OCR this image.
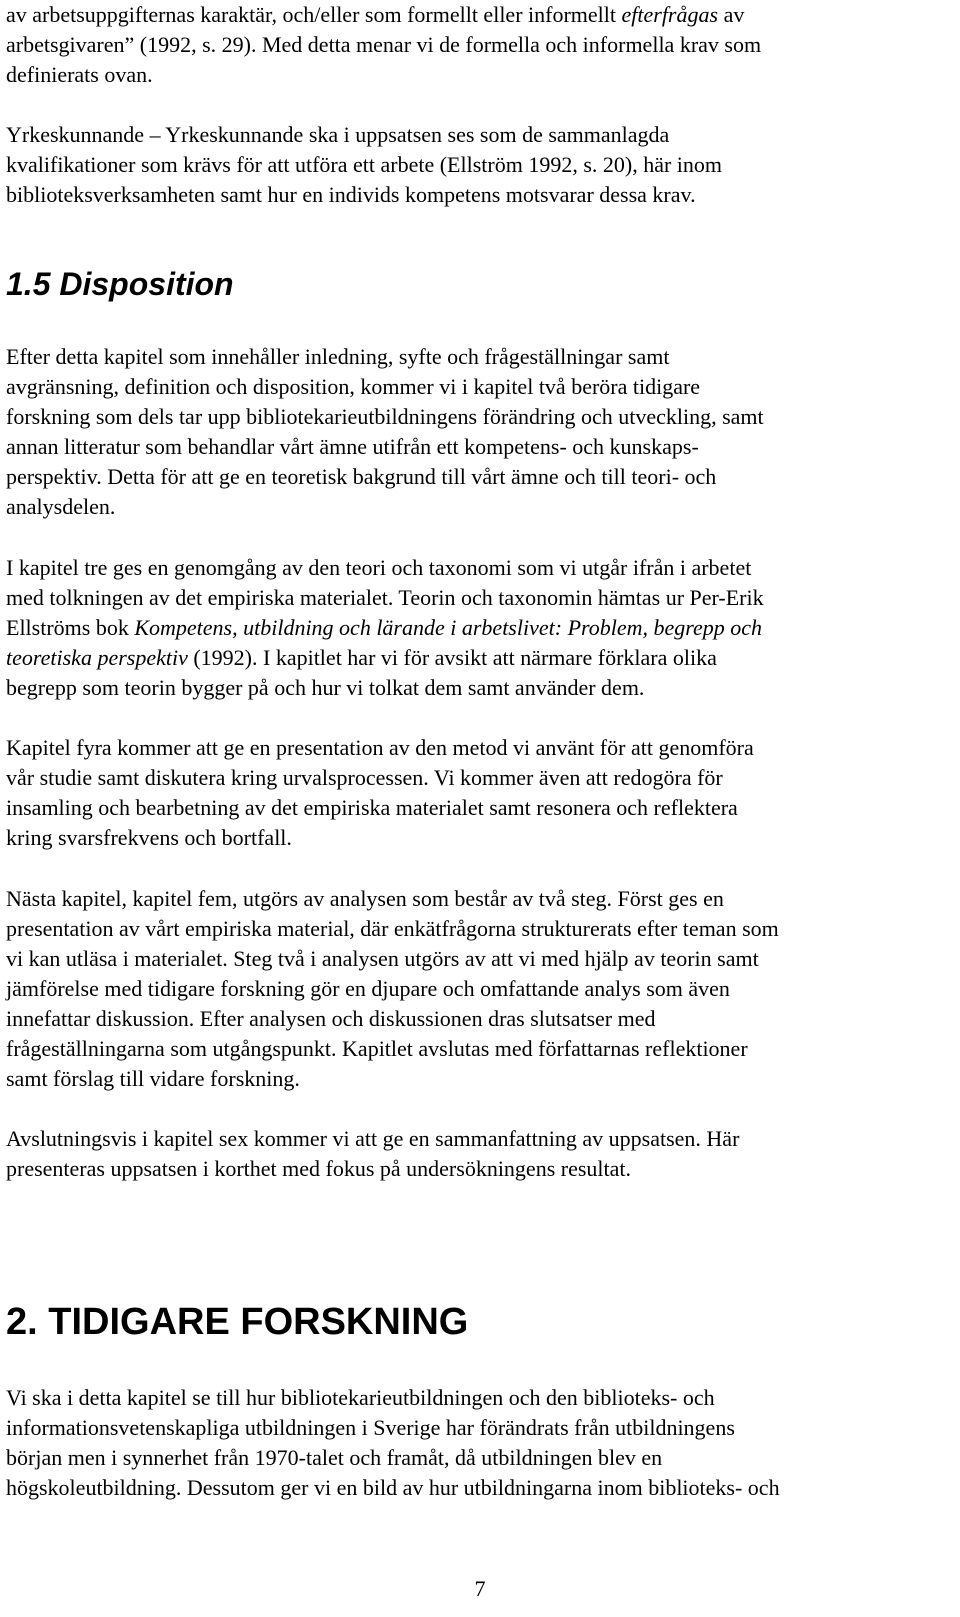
av arbetsuppgifternas karaktär, och/eller som formellt eller informellt efterfrågas av
arbetsgivaren” (1992, s. 29). Med detta menar vi de formella och informella krav som
definierats ovan.
Yrkeskunnande – Yrkeskunnande ska i uppsatsen ses som de sammanlagda
kvalifikationer som krävs för att utföra ett arbete (Ellström 1992, s. 20), här inom
biblioteksverksamheten samt hur en individs kompetens motsvarar dessa krav.
1.5 Disposition
Efter detta kapitel som innehåller inledning, syfte och frågeställningar samt
avgränsning, definition och disposition, kommer vi i kapitel två beröra tidigare
forskning som dels tar upp bibliotekarieutbildningens förändring och utveckling, samt
annan litteratur som behandlar vårt ämne utifrån ett kompetens- och kunskaps-
perspektiv. Detta för att ge en teoretisk bakgrund till vårt ämne och till teori- och
analysdelen.
I kapitel tre ges en genomgång av den teori och taxonomi som vi utgår ifrån i arbetet
med tolkningen av det empiriska materialet. Teorin och taxonomin hämtas ur Per-Erik
Ellströms bok Kompetens, utbildning och lärande i arbetslivet: Problem, begrepp och
teoretiska perspektiv (1992). I kapitlet har vi för avsikt att närmare förklara olika
begrepp som teorin bygger på och hur vi tolkat dem samt använder dem.
Kapitel fyra kommer att ge en presentation av den metod vi använt för att genomföra
vår studie samt diskutera kring urvalsprocessen. Vi kommer även att redogöra för
insamling och bearbetning av det empiriska materialet samt resonera och reflektera
kring svarsfrekvens och bortfall.
Nästa kapitel, kapitel fem, utgörs av analysen som består av två steg. Först ges en
presentation av vårt empiriska material, där enkätfrågorna strukturerats efter teman som
vi kan utläsa i materialet. Steg två i analysen utgörs av att vi med hjälp av teorin samt
jämförelse med tidigare forskning gör en djupare och omfattande analys som även
innefattar diskussion. Efter analysen och diskussionen dras slutsatser med
frågeställningarna som utgångspunkt. Kapitlet avslutas med författarnas reflektioner
samt förslag till vidare forskning.
Avslutningsvis i kapitel sex kommer vi att ge en sammanfattning av uppsatsen. Här
presenteras uppsatsen i korthet med fokus på undersökningens resultat.
2. TIDIGARE FORSKNING
Vi ska i detta kapitel se till hur bibliotekarieutbildningen och den biblioteks- och
informationsvetenskapliga utbildningen i Sverige har förändrats från utbildningens
början men i synnerhet från 1970-talet och framåt, då utbildningen blev en
högskoleutbildning. Dessutom ger vi en bild av hur utbildningarna inom biblioteks- och
7
